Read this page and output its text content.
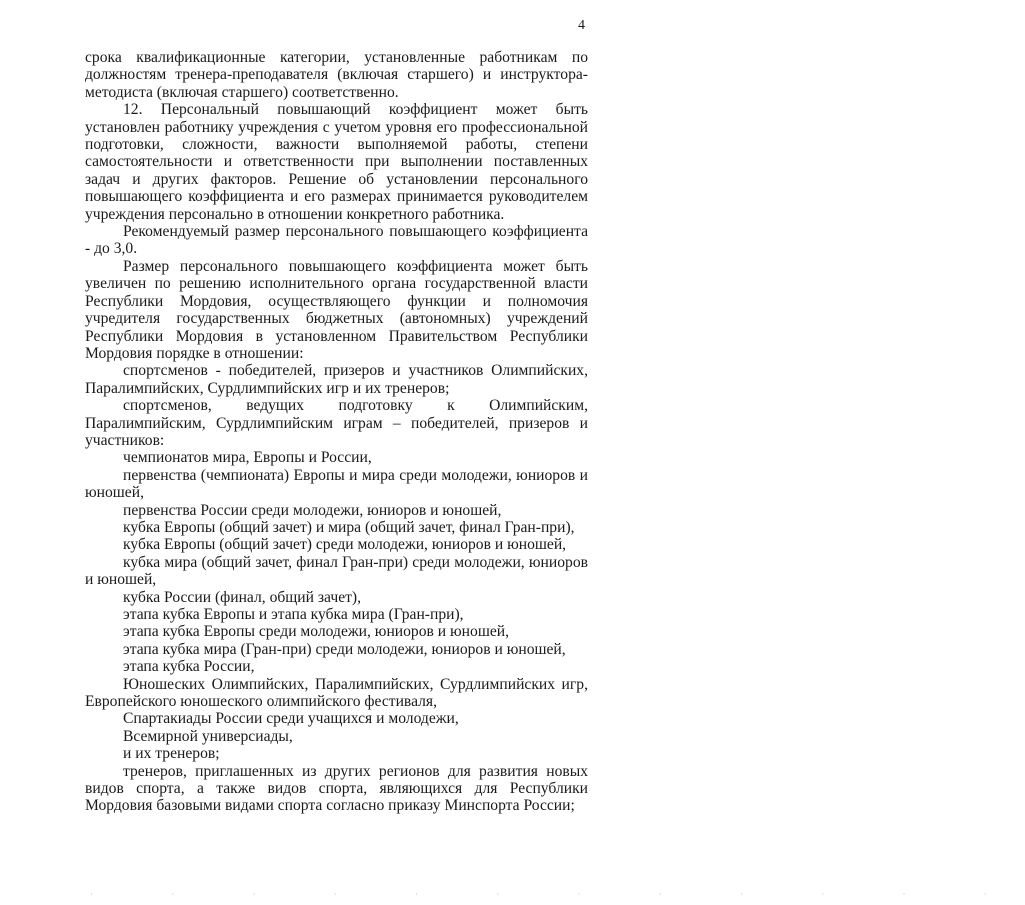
4

срока квалификационные категории, установленные работникам по должностям тренера-преподавателя (включая старшего) и инструктора-методиста (включая старшего) соответственно.

12. Персональный повышающий коэффициент может быть установлен работнику учреждения с учетом уровня его профессиональной подготовки, сложности, важности выполняемой работы, степени самостоятельности и ответственности при выполнении поставленных задач и других факторов. Решение об установлении персонального повышающего коэффициента и его размерах принимается руководителем учреждения персонально в отношении конкретного работника.

Рекомендуемый размер персонального повышающего коэффициента - до 3,0.

Размер персонального повышающего коэффициента может быть увеличен по решению исполнительного органа государственной власти Республики Мордовия, осуществляющего функции и полномочия учредителя государственных бюджетных (автономных) учреждений Республики Мордовия в установленном Правительством Республики Мордовия порядке в отношении:

спортсменов - победителей, призеров и участников Олимпийских, Паралимпийских, Сурдлимпийских игр и их тренеров;

спортсменов, ведущих подготовку к Олимпийским, Паралимпийским, Сурдлимпийским играм – победителей, призеров и участников:

чемпионатов мира, Европы и России,

первенства (чемпионата) Европы и мира среди молодежи, юниоров и юношей,

первенства России среди молодежи, юниоров и юношей,

кубка Европы (общий зачет) и мира (общий зачет, финал Гран-при),

кубка Европы (общий зачет) среди молодежи, юниоров и юношей,

кубка мира (общий зачет, финал Гран-при) среди молодежи, юниоров и юношей,

кубка России (финал, общий зачет),

этапа кубка Европы и этапа кубка мира (Гран-при),

этапа кубка Европы среди молодежи, юниоров и юношей,

этапа кубка мира (Гран-при) среди молодежи, юниоров и юношей,

этапа кубка России,

Юношеских Олимпийских, Паралимпийских, Сурдлимпийских игр, Европейского юношеского олимпийского фестиваля,

Спартакиады России среди учащихся и молодежи,

Всемирной универсиады,

и их тренеров;

тренеров, приглашенных из других регионов для развития новых видов спорта, а также видов спорта, являющихся для Республики Мордовия базовыми видами спорта согласно приказу Минспорта России;

· · · · · · · · · · · ·
